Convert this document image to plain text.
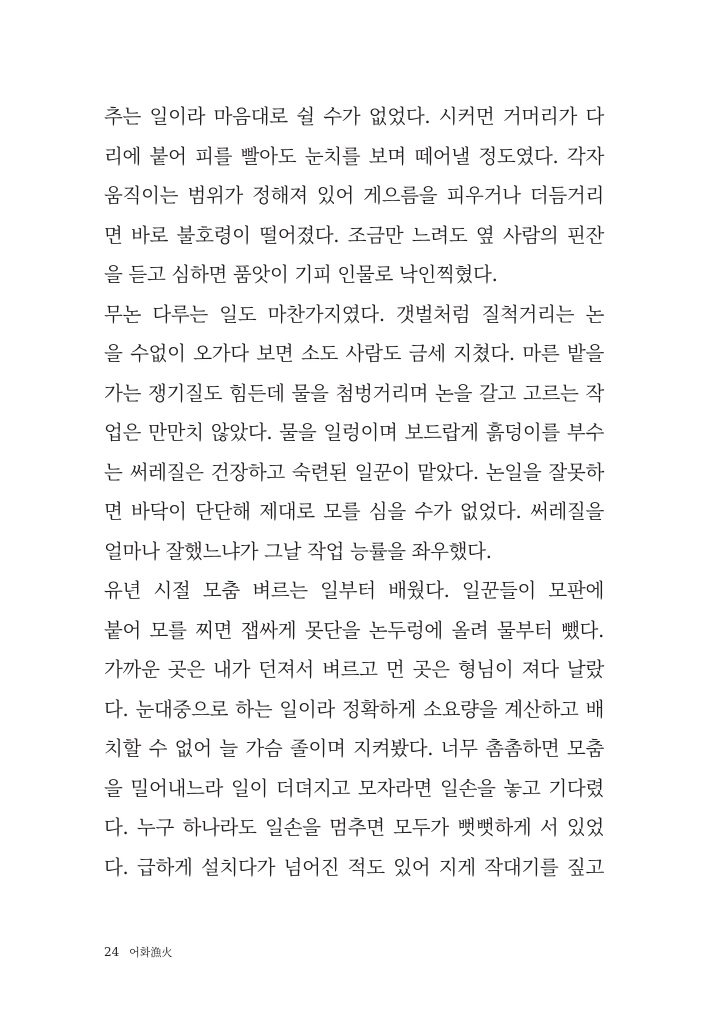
추는 일이라 마음대로 쉴 수가 없었다. 시커먼 거머리가 다
리에 붙어 피를 빨아도 눈치를 보며 떼어낼 정도였다. 각자
움직이는 범위가 정해져 있어 게으름을 피우거나 더듬거리
면 바로 불호령이 떨어졌다. 조금만 느려도 옆 사람의 핀잔
을 듣고 심하면 품앗이 기피 인물로 낙인찍혔다.
무논 다루는 일도 마찬가지였다. 갯벌처럼 질척거리는 논
을 수없이 오가다 보면 소도 사람도 금세 지쳤다. 마른 밭을
가는 쟁기질도 힘든데 물을 첨벙거리며 논을 갈고 고르는 작
업은 만만치 않았다. 물을 일렁이며 보드랍게 흙덩이를 부수
는 써레질은 건장하고 숙련된 일꾼이 맡았다. 논일을 잘못하
면 바닥이 단단해 제대로 모를 심을 수가 없었다. 써레질을
얼마나 잘했느냐가 그날 작업 능률을 좌우했다.
유년 시절 모춤 벼르는 일부터 배웠다. 일꾼들이 모판에
붙어 모를 찌면 잽싸게 못단을 논두렁에 올려 물부터 뺐다.
가까운 곳은 내가 던져서 벼르고 먼 곳은 형님이 져다 날랐
다. 눈대중으로 하는 일이라 정확하게 소요량을 계산하고 배
치할 수 없어 늘 가슴 졸이며 지켜봤다. 너무 촘촘하면 모춤
을 밀어내느라 일이 더뎌지고 모자라면 일손을 놓고 기다렸
다. 누구 하나라도 일손을 멈추면 모두가 뻣뻣하게 서 있었
다. 급하게 설치다가 넘어진 적도 있어 지게 작대기를 짚고
24 어화漁火
